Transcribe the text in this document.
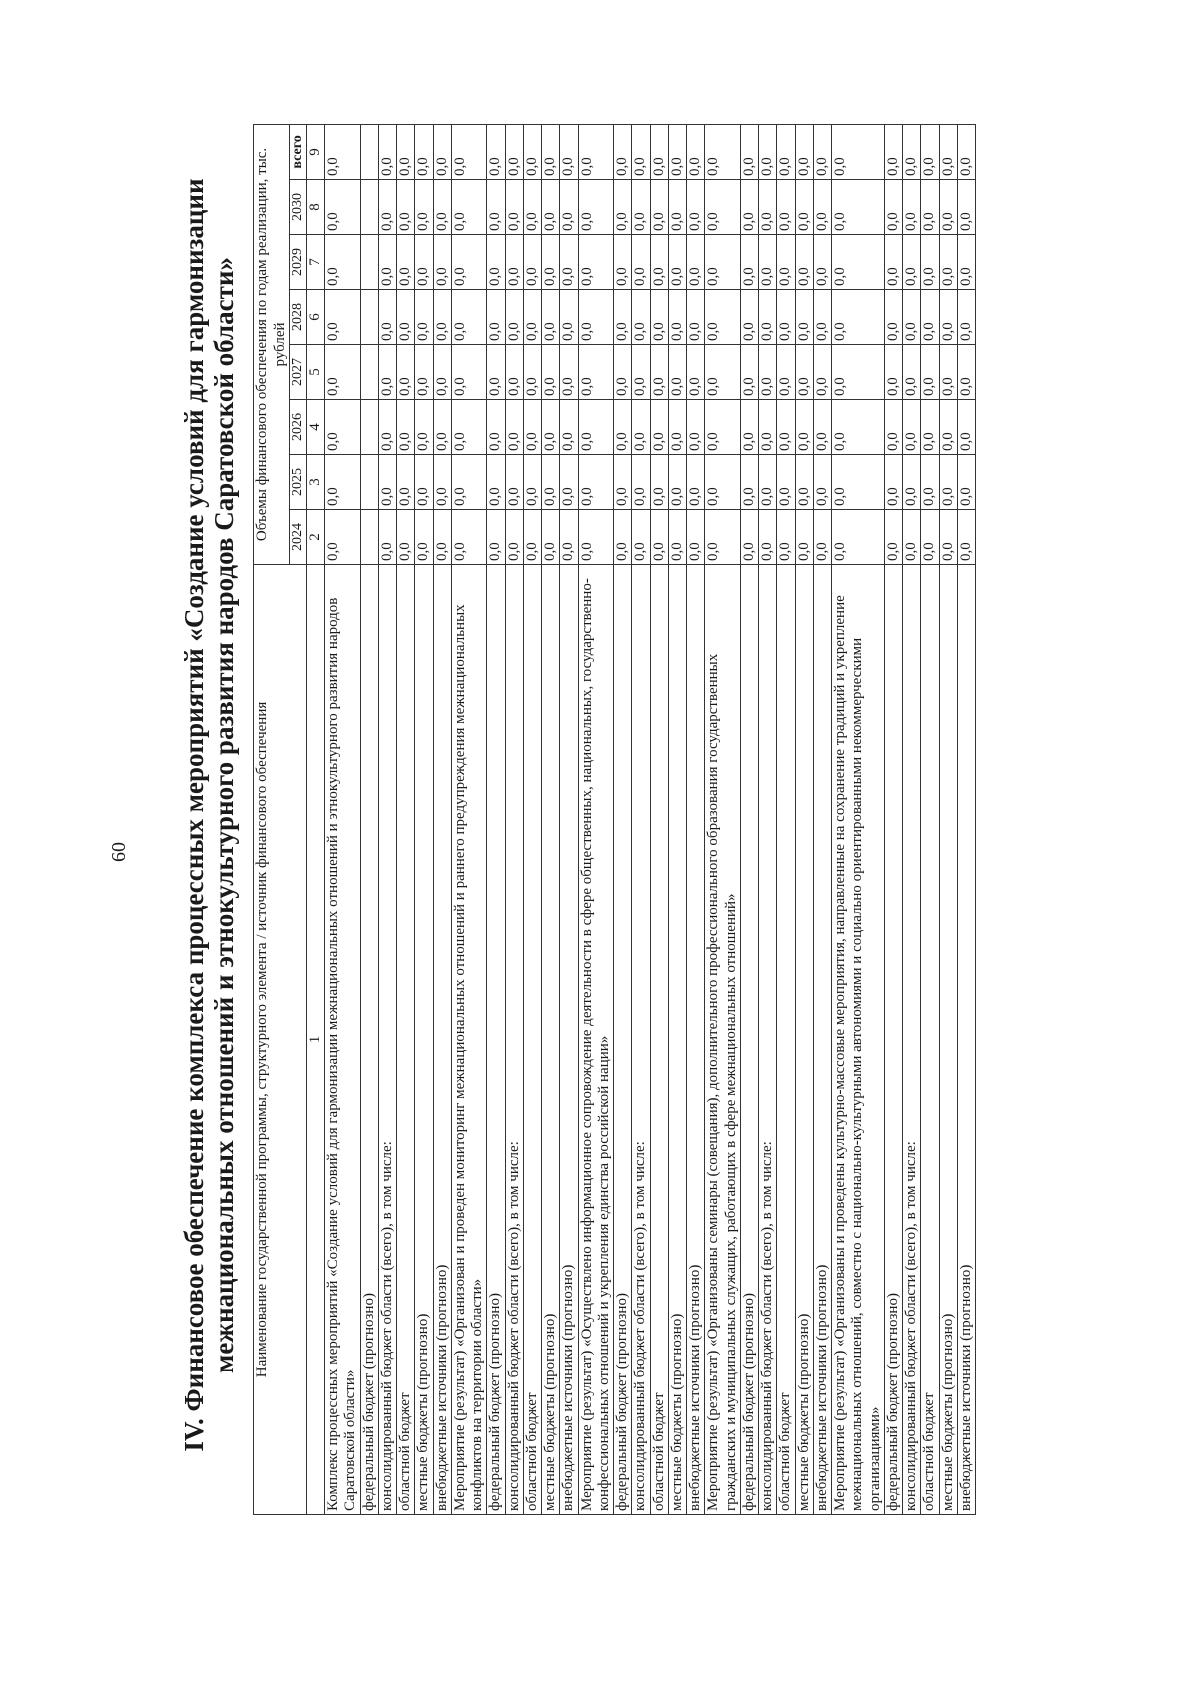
60 IV. Финансовое обеспечение комплекса процессных мероприятий «Создание условий для гармонизации межнациональных отношений и этнокультурного развития народов Саратовской области» Наименование государственной программы, структурного элемента / источник финансового обеспечения	Объемы финансового обеспечения по годам реализации, тыс. рублей							
	2024	2025	2026	2027	2028	2029	2030	всего
1	2	3	4	5	6	7	8	9
Комплекс процессных мероприятий «Создание условий для гармонизации межнациональных отношений и этнокультурного развития народов Саратовской области»	0,0	0,0	0,0	0,0	0,0	0,0	0,0	0,0
федеральный бюджет (прогнозно)								
консолидированный бюджет области (всего), в том числе:	0,0	0,0	0,0	0,0	0,0	0,0	0,0	0,0
областной бюджет	0,0	0,0	0,0	0,0	0,0	0,0	0,0	0,0
местные бюджеты (прогнозно)	0,0	0,0	0,0	0,0	0,0	0,0	0,0	0,0
внебюджетные источники (прогнозно)	0,0	0,0	0,0	0,0	0,0	0,0	0,0	0,0
Мероприятие (результат) «Организован и проведен мониторинг межнациональных отношений и раннего предупреждения межнациональных конфликтов на территории области»	0,0	0,0	0,0	0,0	0,0	0,0	0,0	0,0
федеральный бюджет (прогнозно)	0,0	0,0	0,0	0,0	0,0	0,0	0,0	0,0
консолидированный бюджет области (всего), в том числе:	0,0	0,0	0,0	0,0	0,0	0,0	0,0	0,0
областной бюджет	0,0	0,0	0,0	0,0	0,0	0,0	0,0	0,0
местные бюджеты (прогнозно)	0,0	0,0	0,0	0,0	0,0	0,0	0,0	0,0
внебюджетные источники (прогнозно)	0,0	0,0	0,0	0,0	0,0	0,0	0,0	0,0
Мероприятие (результат) «Осуществлено информационное сопровождение деятельности в сфере общественных, национальных, государственно-конфессиональных отношений и укрепления единства российской нации»	0,0	0,0	0,0	0,0	0,0	0,0	0,0	0,0
федеральный бюджет (прогнозно)	0,0	0,0	0,0	0,0	0,0	0,0	0,0	0,0
консолидированный бюджет области (всего), в том числе:	0,0	0,0	0,0	0,0	0,0	0,0	0,0	0,0
областной бюджет	0,0	0,0	0,0	0,0	0,0	0,0	0,0	0,0
местные бюджеты (прогнозно)	0,0	0,0	0,0	0,0	0,0	0,0	0,0	0,0
внебюджетные источники (прогнозно)	0,0	0,0	0,0	0,0	0,0	0,0	0,0	0,0
Мероприятие (результат) «Организованы семинары (совещания), дополнительного профессионального образования государственных гражданских и муниципальных служащих, работающих в сфере межнациональных отношений»	0,0	0,0	0,0	0,0	0,0	0,0	0,0	0,0
федеральный бюджет (прогнозно)	0,0	0,0	0,0	0,0	0,0	0,0	0,0	0,0
консолидированный бюджет области (всего), в том числе:	0,0	0,0	0,0	0,0	0,0	0,0	0,0	0,0
областной бюджет	0,0	0,0	0,0	0,0	0,0	0,0	0,0	0,0
местные бюджеты (прогнозно)	0,0	0,0	0,0	0,0	0,0	0,0	0,0	0,0
внебюджетные источники (прогнозно)	0,0	0,0	0,0	0,0	0,0	0,0	0,0	0,0
Мероприятие (результат) «Организованы и проведены культурно-массовые мероприятия, направленные на сохранение традиций и укрепление межнациональных отношений, совместно с национально-культурными автономиями и социально ориентированными некоммерческими организациями»	0,0	0,0	0,0	0,0	0,0	0,0	0,0	0,0
федеральный бюджет (прогнозно)	0,0	0,0	0,0	0,0	0,0	0,0	0,0	0,0
консолидированный бюджет области (всего), в том числе:	0,0	0,0	0,0	0,0	0,0	0,0	0,0	0,0
областной бюджет	0,0	0,0	0,0	0,0	0,0	0,0	0,0	0,0
местные бюджеты (прогнозно)	0,0	0,0	0,0	0,0	0,0	0,0	0,0	0,0
внебюджетные источники (прогнозно)	0,0	0,0	0,0	0,0	0,0	0,0	0,0	0,0
